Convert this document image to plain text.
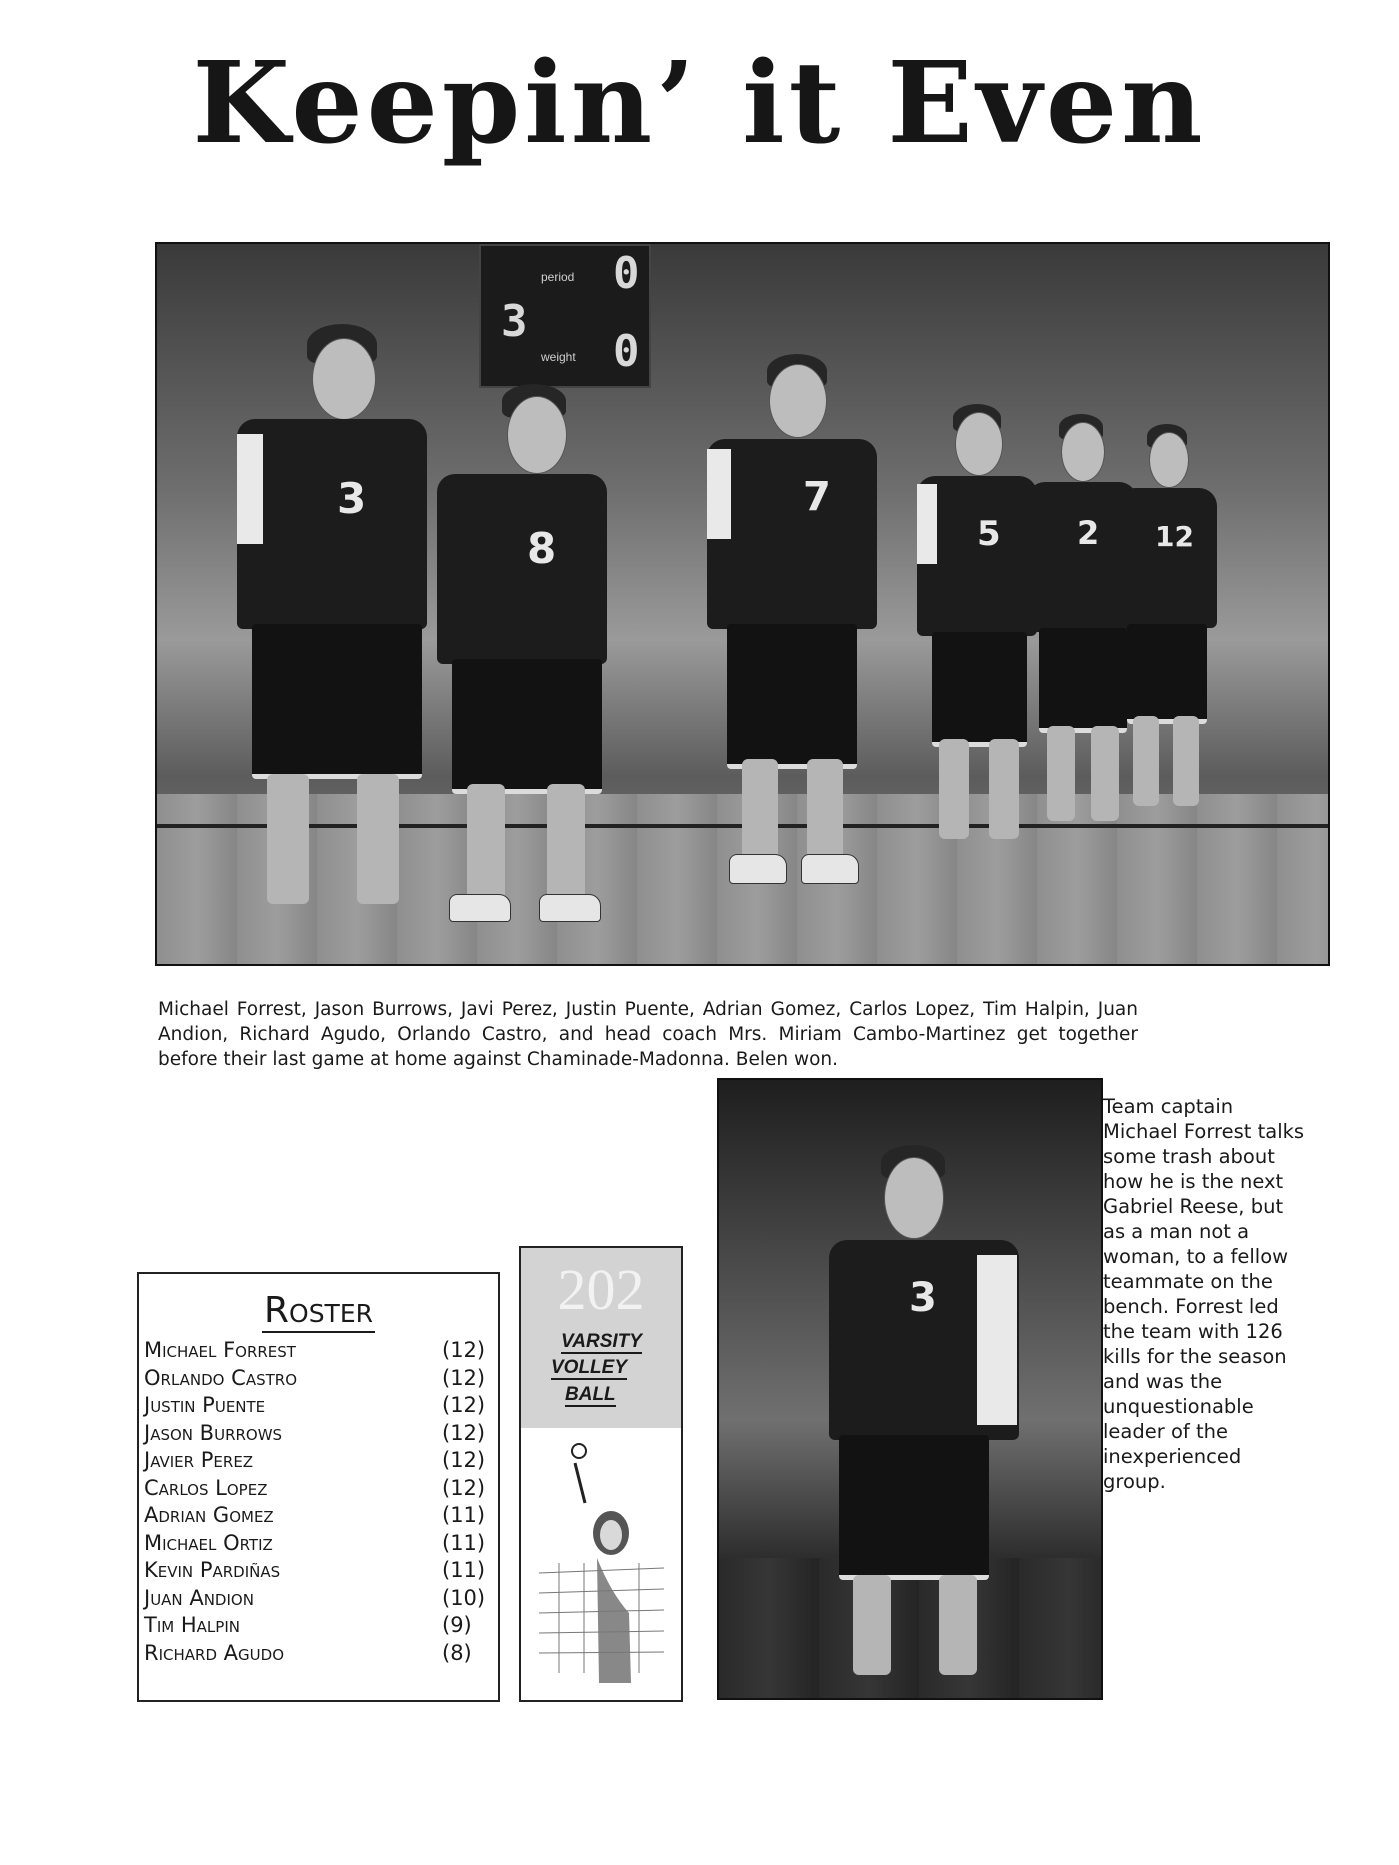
Keepin’ it Even
period
weight
0
3
0
3
8
7
5 2 12

Michael Forrest, Jason Burrows, Javi Perez, Justin Puente, Adrian Gomez, Carlos Lopez, Tim Halpin, Juan Andion, Richard Agudo, Orlando Castro, and head coach Mrs. Miriam Cambo-Martinez get together before their last game at home against Chaminade-Madonna. Belen won.

3

Team captain Michael Forrest talks some trash about how he is the next Gabriel Reese, but as a man not a woman, to a fellow teammate on the bench. Forrest led the team with 126 kills for the season and was the unquestionable leader of the inexperienced group.

Roster
Michael Forrest	(12)
Orlando Castro	(12)
Justin Puente	(12)
Jason Burrows	(12)
Javier Perez	(12)
Carlos Lopez	(12)
Adrian Gomez	(11)
Michael Ortiz	(11)
Kevin Pardiñas	(11)
Juan Andion	(10)
Tim Halpin	(9)
Richard Agudo	(8)
202
VARSITY
VOLLEY
BALL
